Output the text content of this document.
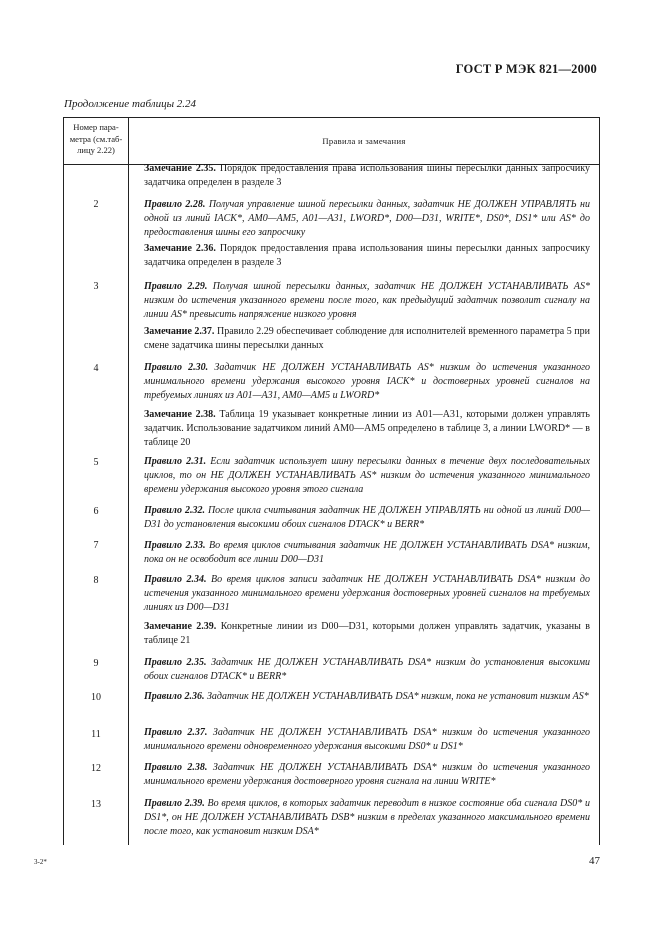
ГОСТ Р МЭК 821—2000
Продолжение таблицы 2.24
Номер пара-
метра (см.таб-
лицу 2.22)
Правила и замечания
Замечание 2.35. Порядок предоставления права использования шины пересылки данных запросчику задатчика определен в разделе 3
2	Правило 2.28. Получая управление шиной пересылки данных, задатчик НЕ ДОЛЖЕН УПРАВЛЯТЬ ни одной из линий IACK*, AM0—AM5, A01—A31, LWORD*, D00—D31, WRITE*, DS0*, DS1* или AS* до предоставления шины его запросчику
Замечание 2.36. Порядок предоставления права использования шины пересылки данных запросчику задатчика определен в разделе 3
3	Правило 2.29. Получая шиной пересылки данных, задатчик НЕ ДОЛЖЕН УСТАНАВЛИВАТЬ AS* низким до истечения указанного времени после того, как предыдущий задатчик позволит сигналу на линии AS* превысить напряжение низкого уровня
Замечание 2.37. Правило 2.29 обеспечивает соблюдение для исполнителей временного параметра 5 при смене задатчика шины пересылки данных
4	Правило 2.30. Задатчик НЕ ДОЛЖЕН УСТАНАВЛИВАТЬ AS* низким до истечения указанного минимального времени удержания высокого уровня IACK* и достоверных уровней сигналов на требуемых линиях из A01—A31, AM0—AM5 и LWORD*
Замечание 2.38. Таблица 19 указывает конкретные линии из A01—A31, которыми должен управлять задатчик. Использование задатчиком линий AM0—AM5 определено в таблице 3, а линии LWORD* — в таблице 20
5	Правило 2.31. Если задатчик использует шину пересылки данных в течение двух последовательных циклов, то он НЕ ДОЛЖЕН УСТАНАВЛИВАТЬ AS* низким до истечения указанного минимального времени удержания высокого уровня этого сигнала
6	Правило 2.32. После цикла считывания задатчик НЕ ДОЛЖЕН УПРАВЛЯТЬ ни одной из линий D00—D31 до установления высокими обоих сигналов DTACK* и BERR*
7	Правило 2.33. Во время циклов считывания задатчик НЕ ДОЛЖЕН УСТАНАВЛИВАТЬ DSA* низким, пока он не освободит все линии D00—D31
8	Правило 2.34. Во время циклов записи задатчик НЕ ДОЛЖЕН УСТАНАВЛИВАТЬ DSA* низким до истечения указанного минимального времени удержания достоверных уровней сигналов на требуемых линиях из D00—D31
Замечание 2.39. Конкретные линии из D00—D31, которыми должен управлять задатчик, указаны в таблице 21
9	Правило 2.35. Задатчик НЕ ДОЛЖЕН УСТАНАВЛИВАТЬ DSA* низким до установления высокими обоих сигналов DTACK* и BERR*
10	Правило 2.36. Задатчик НЕ ДОЛЖЕН УСТАНАВЛИВАТЬ DSA* низким, пока не установит низким AS*
11	Правило 2.37. Задатчик НЕ ДОЛЖЕН УСТАНАВЛИВАТЬ DSA* низким до истечения указанного минимального времени одновременного удержания высокими DS0* и DS1*
12	Правило 2.38. Задатчик НЕ ДОЛЖЕН УСТАНАВЛИВАТЬ DSA* низким до истечения указанного минимального времени удержания достоверного уровня сигнала на линии WRITE*
13	Правило 2.39. Во время циклов, в которых задатчик переводит в низкое состояние оба сигнала DS0* и DS1*, он НЕ ДОЛЖЕН УСТАНАВЛИВАТЬ DSB* низким в пределах указанного максимального времени после того, как установит низким DSA*
3-2*	47
